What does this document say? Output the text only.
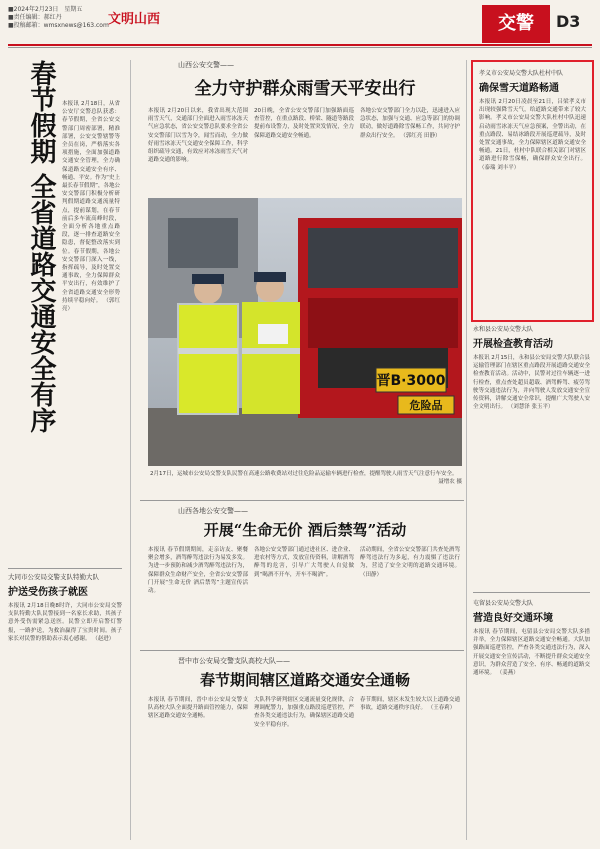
■2024年2月23日　星期五
■责任编辑：郝红丹
■投稿邮箱：wmsxnews@163.com 文明山西	交警	D3
春节假期 全省道路交通安全有序 本报讯 2月18日，从省公安厅交警总队获悉：春节假期，全省公安交警部门周密部署，精准部署，公安交警辖警等全员在岗，严格落实各项措施，全面加强道路交通安全管理，全力确保道路交通安全有序、畅通、平安。作为“史上最长春节假期”，各地公安交警部门积极分析研判假期道路交通流量特点，提前谋划，在春节前后多车流高峰时段，全面分析各地重点路段，逐一排查道路安全隐患，督促整改落实到位。春节假期，各地公安交警部门深入一线，指挥疏导，及时处置交通事故，全力保障群众平安出行，有效维护了全省道路交通安全形势持续平稳向好。 （郭红亮）
大同市公安局交警支队特勤大队
护送受伤孩子就医
本报讯 2月18日晚8时许，大同市公安局交警支队特勤大队民警接到一名家长求助，其孩子意外受伤需紧急送医。民警立即开启警灯警报，一路护送，为救治赢得了宝贵时间。孩子家长对民警的帮助表示衷心感谢。 （赵进）
山西公安交警——
全力守护群众雨雪天平安出行
本报讯 2月20日以来，我省出现大范围雨雪天气，交通部门全面进入雨雪冰冻天气应急状态，省公安交警总队要求全省公安交警部门以雪为令，闻雪而动，全力做好雨雪冰冻天气交通安全保障工作，科学组织疏导交通，有效应对冰冻雨雪天气对道路交通的影响。
20日晚，全省公安交警部门加强路面巡查管控，在重点路段、桥梁、隧道等路段提前布设警力，及时处置突发情况，全力保障道路交通安全畅通。
各地公安交警部门全力以赴，迅速进入应急状态，加强与交通、应急等部门的协调联动，做好道路除雪保畅工作，共同守护群众出行安全。 （郭红亮 田静）
晋B·3000
危险品
2月17日，运城市公安局交警支队民警在高速公路收费站对过往危险品运输车辆进行检查，提醒驾驶人雨雪天气注意行车安全。
聂增农 摄
山西各地公安交警——
开展“生命无价 酒后禁驾”活动
本报讯 春节假期期间，走亲访友、聚餐聚会增多，酒驾醉驾违法行为易发多发。为进一步预防和减少酒驾醉驾违法行为，保障群众生命财产安全，全省公安交警部门开展“生命无价 酒后禁驾”主题宣传活动。
各地公安交警部门通过进社区、进企业、进农村等方式，发放宣传资料，讲解酒驾醉驾的危害，引导广大驾驶人自觉做到“喝酒不开车，开车不喝酒”。
活动期间，全省公安交警部门共查处酒驾醉驾违法行为多起，有力震慑了违法行为，营造了安全文明的道路交通环境。 （田静）
晋中市公安局交警支队高校大队——
春节期间辖区道路交通安全通畅
本报讯 春节期间，晋中市公安局交警支队高校大队全面提升路面管控能力，保障辖区道路交通安全通畅。
大队科学研判辖区交通流量变化规律，合理调配警力，加强重点路段巡逻管控，严查各类交通违法行为，确保辖区道路交通安全平稳有序。
春节期间，辖区未发生较大以上道路交通事故，道路交通秩序良好。 （王春莉）
孝义市公安局交警大队杜村中队
确保雪天道路畅通
本报讯 2月20日凌晨至21日，吕梁孝义市出现较强降雪天气，给道路交通带来了较大影响。孝义市公安局交警大队杜村中队迅速启动雨雪冰冻天气应急预案，全警出动，在重点路段、易结冰路段开展巡逻疏导，及时处置交通事故，全力保障辖区道路交通安全畅通。21日，杜村中队联合相关部门对辖区道路进行除雪保畅，确保群众安全出行。 （泰瑞 刘丰平）
永和县公安局交警大队
开展检查教育活动
本报讯 2月15日，永和县公安局交警大队联合县运输管理部门在辖区重点路段开展道路交通安全检查教育活动。活动中，民警对过往车辆逐一进行检查，重点查处超员超载、酒驾醉驾、疲劳驾驶等交通违法行为，并向驾驶人发放交通安全宣传资料，讲解交通安全常识，提醒广大驾驶人安全文明出行。 （刘慧泽 张玉平）
屯留县公安局交警大队
营造良好交通环境
本报讯 春节期间，屯留县公安局交警大队多措并举，全力保障辖区道路交通安全畅通。大队加强路面巡逻管控，严查各类交通违法行为，深入开展交通安全宣传活动，不断提升群众交通安全意识，为群众营造了安全、有序、畅通的道路交通环境。 （姜燕）
